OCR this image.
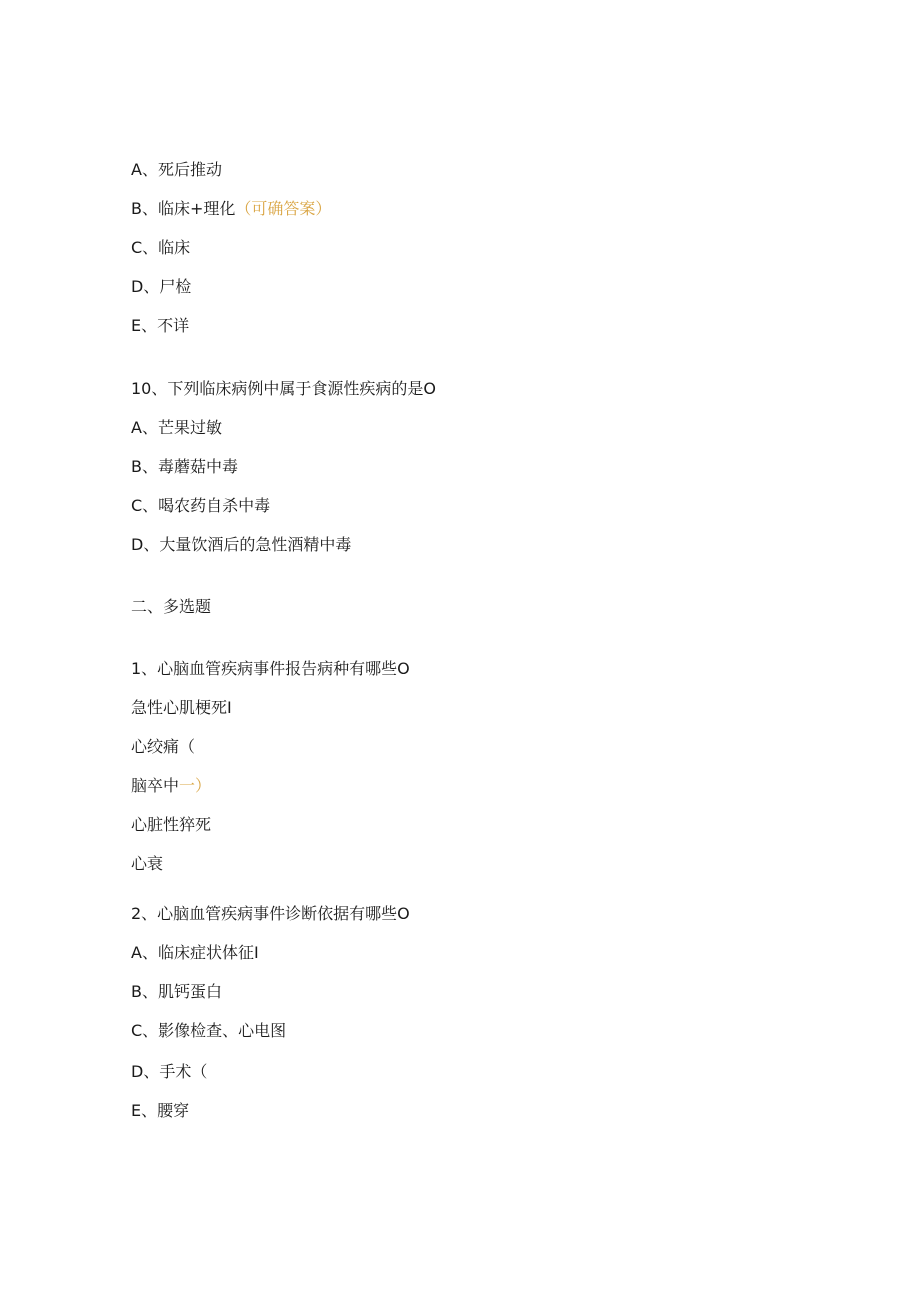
A、死后推动
B、临床+理化（可确答案）
C、临床
D、尸检
E、不详
10、下列临床病例中属于食源性疾病的是O
A、芒果过敏
B、毒蘑菇中毒
C、喝农药自杀中毒
D、大量饮酒后的急性酒精中毒
二、多选题
1、心脑血管疾病事件报告病种有哪些O
急性心肌梗死I
心绞痛（
脑卒中一）
心脏性猝死
心衰
2、心脑血管疾病事件诊断依据有哪些O
A、临床症状体征I
B、肌钙蛋白
C、影像检查、心电图
D、手术（
E、腰穿
